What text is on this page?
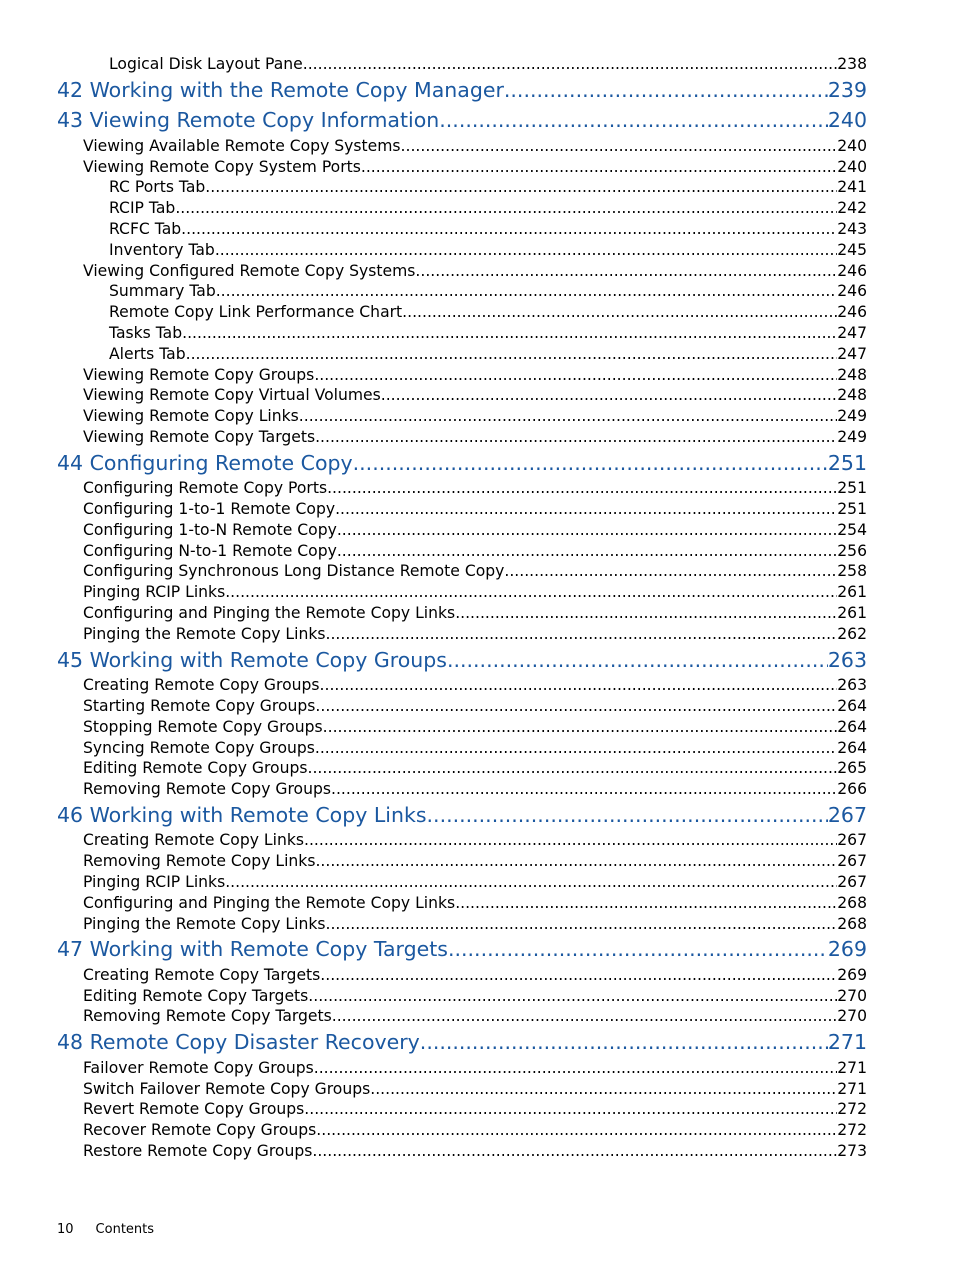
Logical Disk Layout Pane .....	238
42 Working with the Remote Copy Manager .....	239
43 Viewing Remote Copy Information .....	240
Viewing Available Remote Copy Systems .....	240
Viewing Remote Copy System Ports .....	240
RC Ports Tab .....	241
RCIP Tab .....	242
RCFC Tab .....	243
Inventory Tab .....	245
Viewing Configured Remote Copy Systems .....	246
Summary Tab .....	246
Remote Copy Link Performance Chart .....	246
Tasks Tab .....	247
Alerts Tab .....	247
Viewing Remote Copy Groups .....	248
Viewing Remote Copy Virtual Volumes .....	248
Viewing Remote Copy Links .....	249
Viewing Remote Copy Targets .....	249
44 Configuring Remote Copy .....	251
Configuring Remote Copy Ports .....	251
Configuring 1-to-1 Remote Copy .....	251
Configuring 1-to-N Remote Copy .....	254
Configuring N-to-1 Remote Copy .....	256
Configuring Synchronous Long Distance Remote Copy .....	258
Pinging RCIP Links .....	261
Configuring and Pinging the Remote Copy Links .....	261
Pinging the Remote Copy Links .....	262
45 Working with Remote Copy Groups .....	263
Creating Remote Copy Groups .....	263
Starting Remote Copy Groups .....	264
Stopping Remote Copy Groups .....	264
Syncing Remote Copy Groups .....	264
Editing Remote Copy Groups .....	265
Removing Remote Copy Groups .....	266
46 Working with Remote Copy Links .....	267
Creating Remote Copy Links .....	267
Removing Remote Copy Links .....	267
Pinging RCIP Links .....	267
Configuring and Pinging the Remote Copy Links .....	268
Pinging the Remote Copy Links .....	268
47 Working with Remote Copy Targets .....	269
Creating Remote Copy Targets .....	269
Editing Remote Copy Targets .....	270
Removing Remote Copy Targets .....	270
48 Remote Copy Disaster Recovery .....	271
Failover Remote Copy Groups .....	271
Switch Failover Remote Copy Groups .....	271
Revert Remote Copy Groups .....	272
Recover Remote Copy Groups .....	272
Restore Remote Copy Groups .....	273
10 Contents
